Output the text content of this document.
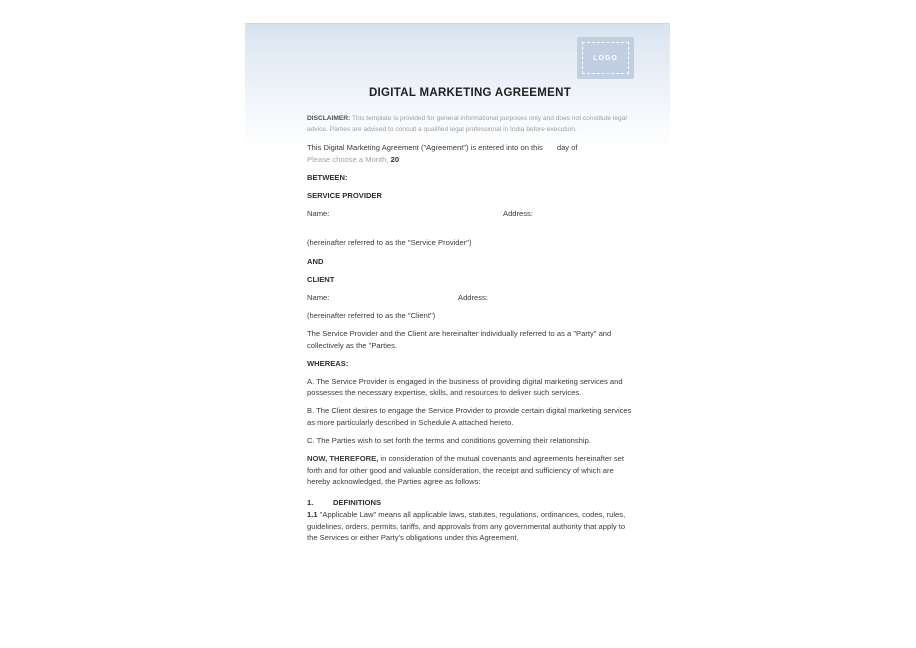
LOGO
DIGITAL MARKETING AGREEMENT
DISCLAIMER: This template is provided for general informational purposes only and does not constitute legal advice. Parties are advised to consult a qualified legal professional in India before execution.

This Digital Marketing Agreement ("Agreement") is entered into on this day of
Please choose a Month, 20

BETWEEN:

SERVICE PROVIDER

Name:	Address:

(hereinafter referred to as the "Service Provider")

AND

CLIENT

Name:	Address:

(hereinafter referred to as the "Client")

The Service Provider and the Client are hereinafter individually referred to as a "Party" and collectively as the "Parties.

WHEREAS:

A. The Service Provider is engaged in the business of providing digital marketing services and possesses the necessary expertise, skills, and resources to deliver such services.

B. The Client desires to engage the Service Provider to provide certain digital marketing services as more particularly described in Schedule A attached hereto.

C. The Parties wish to set forth the terms and conditions governing their relationship.

NOW, THEREFORE, in consideration of the mutual covenants and agreements hereinafter set forth and for other good and valuable consideration, the receipt and sufficiency of which are hereby acknowledged, the Parties agree as follows:

1.	DEFINITIONS

1.1 "Applicable Law" means all applicable laws, statutes, regulations, ordinances, codes, rules, guidelines, orders, permits, tariffs, and approvals from any governmental authority that apply to the Services or either Party's obligations under this Agreement.
